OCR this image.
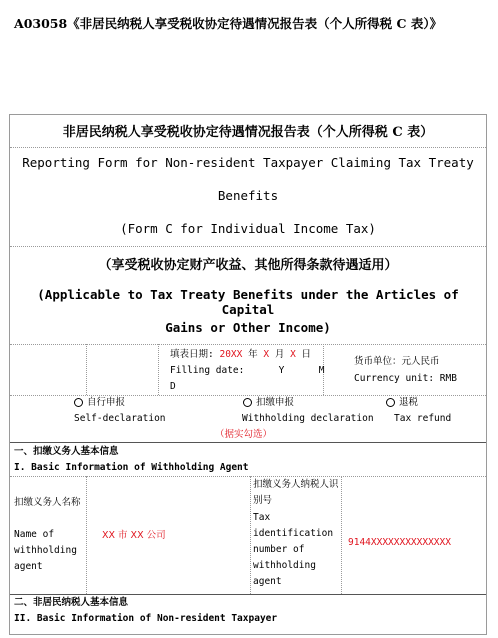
A03058《非居民纳税人享受税收协定待遇情况报告表（个人所得税 C 表）》
非居民纳税人享受税收协定待遇情况报告表（个人所得税 C 表）
Reporting Form for Non-resident Taxpayer Claiming Tax Treaty
Benefits
(Form C for Individual Income Tax)
（享受税收协定财产收益、其他所得条款待遇适用）
(Applicable to Tax Treaty Benefits under the Articles of Capital
Gains or Other Income)
填表日期: 20XX 年 X 月 X 日
Filling date:      Y      M
D
货币单位：元人民币
Currency unit: RMB
自行申报
Self-declaration
扣缴申报
Withholding declaration
退税
Tax refund
（据实勾选）
一、扣缴义务人基本信息
I. Basic Information of Withholding Agent
扣缴义务人名称
Name of withholding agent
XX 市 XX 公司
扣缴义务人纳税人识别号
Tax identification number of withholding agent
9144XXXXXXXXXXXXXX
二、非居民纳税人基本信息
II. Basic Information of Non-resident Taxpayer
